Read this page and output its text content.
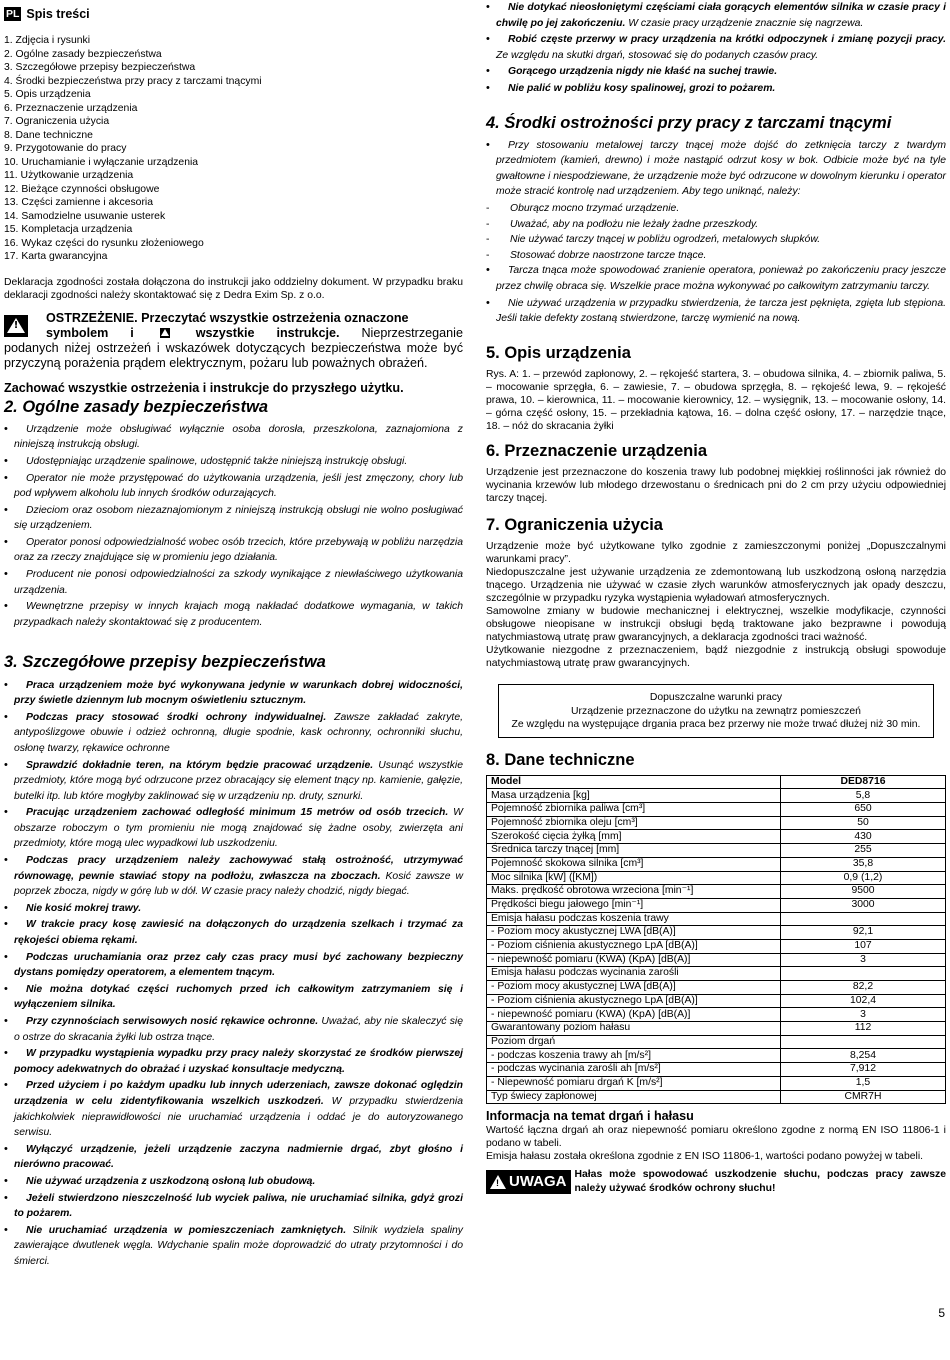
PL Spis treści
1. Zdjęcia i rysunki
2. Ogólne zasady bezpieczeństwa
3. Szczegółowe przepisy bezpieczeństwa
4. Środki bezpieczeństwa przy pracy z tarczami tnącymi
5. Opis urządzenia
6. Przeznaczenie urządzenia
7. Ograniczenia użycia
8. Dane techniczne
9. Przygotowanie do pracy
10. Uruchamianie i wyłączanie urządzenia
11. Użytkowanie urządzenia
12. Bieżące czynności obsługowe
13. Części zamienne i akcesoria
14. Samodzielne usuwanie usterek
15. Kompletacja urządzenia
16. Wykaz części do rysunku złożeniowego
17. Karta gwarancyjna

Deklaracja zgodności została dołączona do instrukcji jako oddzielny dokument. W przypadku braku deklaracji zgodności należy skontaktować się z Dedra Exim Sp. z o.o.

!
OSTRZEŻENIE. Przeczytać wszystkie ostrzeżenia oznaczone
symbolem i	wszystkie instrukcje. Nieprzestrzeganie
podanych niżej ostrzeżeń i wskazówek dotyczących bezpieczeństwa może być przyczyną porażenia prądem elektrycznym, pożaru lub poważnych obrażeń.
Zachować wszystkie ostrzeżenia i instrukcje do przyszłego użytku.
2. Ogólne zasady bezpieczeństwa
• Urządzenie może obsługiwać wyłącznie osoba dorosła, przeszkolona, zaznajomiona z niniejszą instrukcją obsługi.
• Udostępniając urządzenie spalinowe, udostępnić także niniejszą instrukcję obsługi.
• Operator nie może przystępować do użytkowania urządzenia, jeśli jest zmęczony, chory lub pod wpływem alkoholu lub innych środków odurzających.
• Dzieciom oraz osobom niezaznajomionym z niniejszą instrukcją obsługi nie wolno posługiwać się urządzeniem.
• Operator ponosi odpowiedzialność wobec osób trzecich, które przebywają w pobliżu narzędzia oraz za rzeczy znajdujące się w promieniu jego działania.
• Producent nie ponosi odpowiedzialności za szkody wynikające z niewłaściwego użytkowania urządzenia.
• Wewnętrzne przepisy w innych krajach mogą nakładać dodatkowe wymagania, w takich przypadkach należy skontaktować się z producentem.
3. Szczegółowe przepisy bezpieczeństwa
• Praca urządzeniem może być wykonywana jedynie w warunkach dobrej widoczności, przy świetle dziennym lub mocnym oświetleniu sztucznym.
• Podczas pracy stosować środki ochrony indywidualnej. Zawsze zakładać zakryte, antypoślizgowe obuwie i odzież ochronną, długie spodnie, kask ochronny, ochronniki słuchu, osłonę twarzy, rękawice ochronne
• Sprawdzić dokładnie teren, na którym będzie pracować urządzenie. Usunąć wszystkie przedmioty, które mogą być odrzucone przez obracający się element tnący np. kamienie, gałęzie, butelki itp. lub które mogłyby zaklinować się w urządzeniu np. druty, sznurki.
• Pracując urządzeniem zachować odległość minimum 15 metrów od osób trzecich. W obszarze roboczym o tym promieniu nie mogą znajdować się żadne osoby, zwierzęta ani przedmioty, które mogą ulec wypadkowi lub uszkodzeniu.
• Podczas pracy urządzeniem należy zachowywać stałą ostrożność, utrzymywać równowagę, pewnie stawiać stopy na podłożu, zwłaszcza na zboczach. Kosić zawsze w poprzek zbocza, nigdy w górę lub w dół. W czasie pracy należy chodzić, nigdy biegać.
• Nie kosić mokrej trawy.
• W trakcie pracy kosę zawiesić na dołączonych do urządzenia szelkach i trzymać za rękojeści obiema rękami.
• Podczas uruchamiania oraz przez cały czas pracy musi być zachowany bezpieczny dystans pomiędzy operatorem, a elementem tnącym.
• Nie można dotykać części ruchomych przed ich całkowitym zatrzymaniem się i wyłączeniem silnika.
• Przy czynnościach serwisowych nosić rękawice ochronne. Uważać, aby nie skaleczyć się o ostrze do skracania żyłki lub ostrza tnące.
• W przypadku wystąpienia wypadku przy pracy należy skorzystać ze środków pierwszej pomocy adekwatnych do obrażać i uzyskać konsultacje medyczną.
• Przed użyciem i po każdym upadku lub innych uderzeniach, zawsze dokonać oględzin urządzenia w celu zidentyfikowania wszelkich uszkodzeń. W przypadku stwierdzenia jakichkolwiek nieprawidłowości nie uruchamiać urządzenia i oddać je do autoryzowanego serwisu.
• Wyłączyć urządzenie, jeżeli urządzenie zaczyna nadmiernie drgać, zbyt głośno i nierówno pracować.
• Nie używać urządzenia z uszkodzoną osłoną lub obudową.
• Jeżeli stwierdzono nieszczelność lub wyciek paliwa, nie uruchamiać silnika, gdyż grozi to pożarem.
• Nie uruchamiać urządzenia w pomieszczeniach zamkniętych. Silnik wydziela spaliny zawierające dwutlenek węgla. Wdychanie spalin może doprowadzić do utraty przytomności i do śmierci.
• Nie dotykać nieosłoniętymi częściami ciała gorących elementów silnika w czasie pracy i chwilę po jej zakończeniu. W czasie pracy urządzenie znacznie się nagrzewa.
• Robić częste przerwy w pracy urządzenia na krótki odpoczynek i zmianę pozycji pracy. Ze względu na skutki drgań, stosować się do podanych czasów pracy.
• Gorącego urządzenia nigdy nie kłaść na suchej trawie.
• Nie palić w pobliżu kosy spalinowej, grozi to pożarem.
4. Środki ostrożności przy pracy z tarczami tnącymi
• Przy stosowaniu metalowej tarczy tnącej może dojść do zetknięcia tarczy z twardym przedmiotem (kamień, drewno) i może nastąpić odrzut kosy w bok. Odbicie może być na tyle gwałtowne i niespodziewane, że urządzenie może być odrzucone w dowolnym kierunku i operator może stracić kontrolę nad urządzeniem. Aby tego uniknąć, należy:
- Oburącz mocno trzymać urządzenie.
- Uważać, aby na podłożu nie leżały żadne przeszkody.
- Nie używać tarczy tnącej w pobliżu ogrodzeń, metalowych słupków.
- Stosować dobrze naostrzone tarcze tnące.
• Tarcza tnąca może spowodować zranienie operatora, ponieważ po zakończeniu pracy jeszcze przez chwilę obraca się. Wszelkie prace można wykonywać po całkowitym zatrzymaniu tarczy.
• Nie używać urządzenia w przypadku stwierdzenia, że tarcza jest pęknięta, zgięta lub stępiona. Jeśli takie defekty zostaną stwierdzone, tarczę wymienić na nową.
5. Opis urządzenia

Rys. A: 1. – przewód zapłonowy, 2. – rękojeść startera, 3. – obudowa silnika, 4. – zbiornik paliwa, 5. – mocowanie sprzęgła, 6. – zawiesie, 7. – obudowa sprzęgła, 8. – rękojeść lewa, 9. – rękojeść prawa, 10. – kierownica, 11. – mocowanie kierownicy, 12. – wysięgnik, 13. – mocowanie osłony, 14. – górna część osłony, 15. – przekładnia kątowa, 16. – dolna część osłony, 17. – narzędzie tnące, 18. – nóż do skracania żyłki

6. Przeznaczenie urządzenia

Urządzenie jest przeznaczone do koszenia trawy lub podobnej miękkiej roślinności jak również do wycinania krzewów lub młodego drzewostanu o średnicach pni do 2 cm przy użyciu odpowiedniej tarczy tnącej.

7. Ograniczenia użycia

Urządzenie może być użytkowane tylko zgodnie z zamieszczonymi poniżej „Dopuszczalnymi warunkami pracy”.

Niedopuszczalne jest używanie urządzenia ze zdemontowaną lub uszkodzoną osłoną narzędzia tnącego. Urządzenia nie używać w czasie złych warunków atmosferycznych jak opady deszczu, szczególnie w przypadku ryzyka wystąpienia wyładowań atmosferycznych.

Samowolne zmiany w budowie mechanicznej i elektrycznej, wszelkie modyfikacje, czynności obsługowe nieopisane w instrukcji obsługi będą traktowane jako bezprawne i powodują natychmiastową utratę praw gwarancyjnych, a deklaracja zgodności traci ważność.

Użytkowanie niezgodne z przeznaczeniem, bądź niezgodnie z instrukcją obsługi spowoduje natychmiastową utratę praw gwarancyjnych.

Dopuszczalne warunki pracy
Urządzenie przeznaczone do użytku na zewnątrz pomieszczeń
Ze względu na występujące drgania praca bez przerwy nie może trwać dłużej niż 30 min.
8. Dane techniczne
Model	DED8716
Masa urządzenia [kg]	5,8
Pojemność zbiornika paliwa [cm³]	650
Pojemność zbiornika oleju [cm³]	50
Szerokość cięcia żyłką [mm]	430
Średnica tarczy tnącej [mm]	255
Pojemność skokowa silnika [cm³]	35,8
Moc silnika [kW] ([KM])	0,9 (1,2)
Maks. prędkość obrotowa wrzeciona [min⁻¹]	9500
Prędkości biegu jałowego [min⁻¹]	3000
Emisja hałasu podczas koszenia trawy	
- Poziom mocy akustycznej LWA [dB(A)]	92,1
- Poziom ciśnienia akustycznego LpA [dB(A)]	107
- niepewność pomiaru (KWA) (KpA) [dB(A)]	3
Emisja hałasu podczas wycinania zarośli	
- Poziom mocy akustycznej LWA [dB(A)]	82,2
- Poziom ciśnienia akustycznego LpA [dB(A)]	102,4
- niepewność pomiaru (KWA) (KpA) [dB(A)]	3
Gwarantowany poziom hałasu	112
Poziom drgań	
- podczas koszenia trawy ah [m/s²]	8,254
- podczas wycinania zarośli ah [m/s²]	7,912
- Niepewność pomiaru drgań K [m/s²]	1,5
Typ świecy zapłonowej	CMR7H
Informacja na temat drgań i hałasu

Wartość łączna drgań ah oraz niepewność pomiaru określono zgodne z normą EN ISO 11806-1 i podano w tabeli.

Emisja hałasu została określona zgodnie z EN ISO 11806-1, wartości podano powyżej w tabeli.

!
UWAGA Hałas może spowodować uszkodzenie słuchu, podczas pracy zawsze należy używać środków ochrony słuchu!
5
